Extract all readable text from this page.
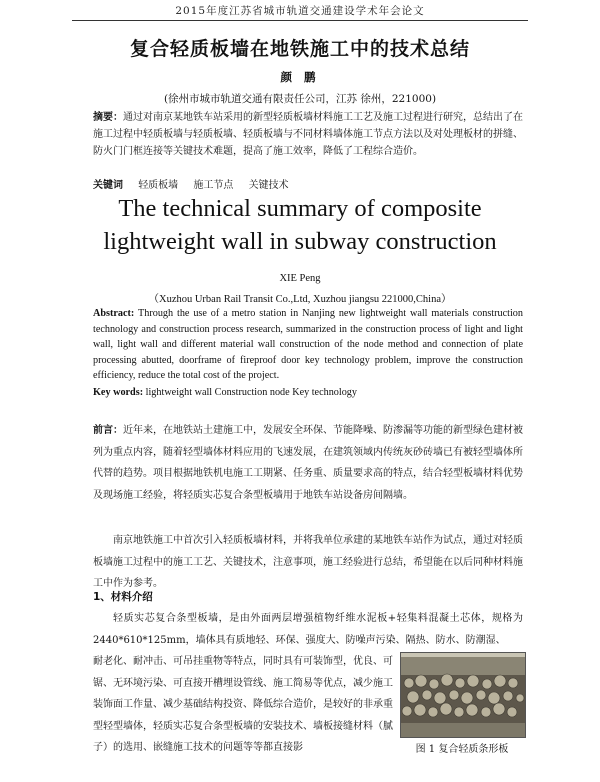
2015年度江苏省城市轨道交通建设学术年会论文
复合轻质板墙在地铁施工中的技术总结
颜 鹏
(徐州市城市轨道交通有限责任公司，江苏 徐州，221000)
摘要：通过对南京某地铁车站采用的新型轻质板墙材料施工工艺及施工过程进行研究，总结出了在施工过程中轻质板墙与轻质板墙、轻质板墙与不同材料墙体施工节点方法以及对处理板材的拼缝、防火门门框连接等关键技术难题，提高了施工效率，降低了工程综合造价。
关键词 轻质板墙 施工节点 关键技术
The technical summary of composite
lightweight wall in subway construction
XIE Peng
（Xuzhou Urban Rail Transit Co.,Ltd, Xuzhou jiangsu 221000,China）
Abstract: Through the use of a metro station in Nanjing new lightweight wall materials construction technology and construction process research, summarized in the construction process of light and light wall, light wall and different material wall construction of the node method and connection of plate processing abutted, doorframe of fireproof door key technology problem, improve the construction efficiency, reduce the total cost of the project.
Key words: lightweight wall Construction node Key technology
前言：近年来，在地铁站土建施工中，发展安全环保、节能降噪、防渗漏等功能的新型绿色建材被列为重点内容，随着轻型墙体材料应用的飞速发展，在建筑领域内传统灰砂砖墙已有被轻型墙体所代替的趋势。项目根据地铁机电施工工期紧、任务重、质量要求高的特点，结合轻型板墙材料优势及现场施工经验，将轻质实芯复合条型板墙用于地铁车站设备房间隔墙。
南京地铁施工中首次引入轻质板墙材料，并将我单位承建的某地铁车站作为试点，通过对轻质板墙施工过程中的施工工艺、关键技术，注意事项，施工经验进行总结，希望能在以后同种材料施工中作为参考。
1、材料介绍
轻质实芯复合条型板墙，是由外面两层增强植物纤维水泥板+轻集料混凝土芯体，规格为 2440*610*125mm，墙体具有质地轻、环保、强度大、防噪声污染、隔热、防水、防潮湿、
耐老化、耐冲击、可吊挂重物等特点，同时具有可装饰型，优良、可锯、无环境污染、可直接开槽埋设管线、施工简易等优点，减少施工装饰面工作量、减少基础结构投资、降低综合造价，是较好的非承重型轻型墙体，轻质实芯复合条型板墙的安装技术、墙板接缝材料（腻子）的选用、嵌缝施工技术的问题等等都直接影	图 1 复合轻质条形板
